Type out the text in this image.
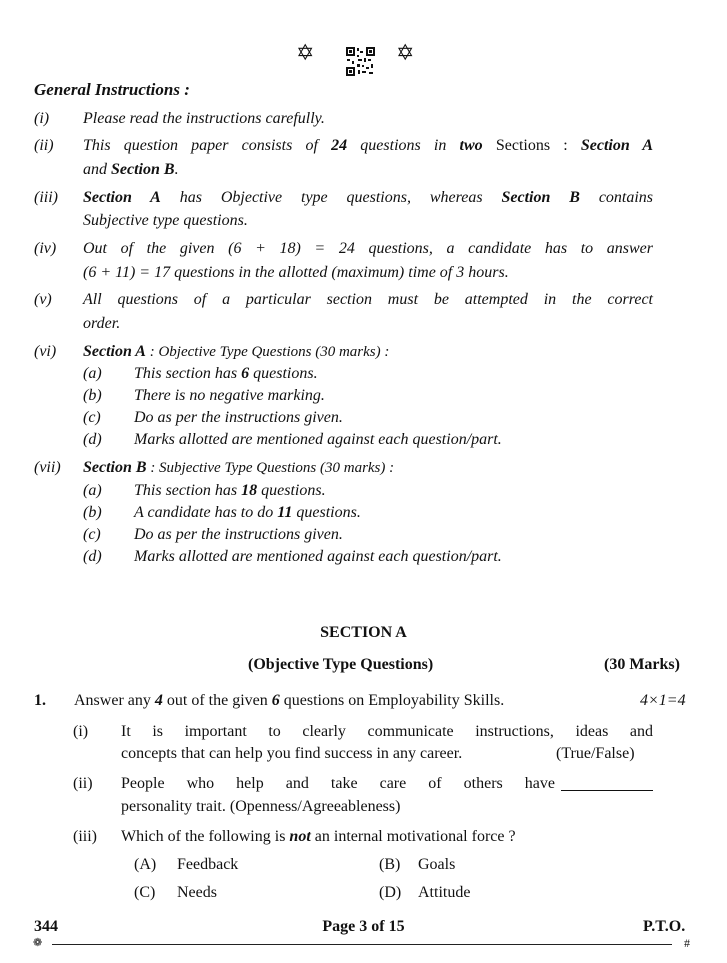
✡	✡
General Instructions :
(i) Please read the instructions carefully.
(ii) This question paper consists of 24 questions in two Sections : Section A
and Section B.
(iii) Section A has Objective type questions, whereas Section B contains
Subjective type questions.
(iv) Out of the given (6 + 18) = 24 questions, a candidate has to answer
(6 + 11) = 17 questions in the allotted (maximum) time of 3 hours.
(v) All questions of a particular section must be attempted in the correct
order.
(vi) Section A : Objective Type Questions (30 marks) :
(a) This section has 6 questions.
(b) There is no negative marking.
(c) Do as per the instructions given.
(d) Marks allotted are mentioned against each question/part.
(vii) Section B : Subjective Type Questions (30 marks) :
(a) This section has 18 questions.
(b) A candidate has to do 11 questions.
(c) Do as per the instructions given.
(d) Marks allotted are mentioned against each question/part.
SECTION A
(Objective Type Questions)	(30 Marks)
1. Answer any 4 out of the given 6 questions on Employability Skills.	4×1=4
(i) It is important to clearly communicate instructions, ideas and
concepts that can help you find success in any career.	(True/False)
(ii) People who help and take care of others have
personality trait. (Openness/Agreeableness)
(iii) Which of the following is not an internal motivational force ?
(A) Feedback	(B) Goals
(C) Needs	(D) Attitude
344	Page 3 of 15	P.T.O.
❁	#
